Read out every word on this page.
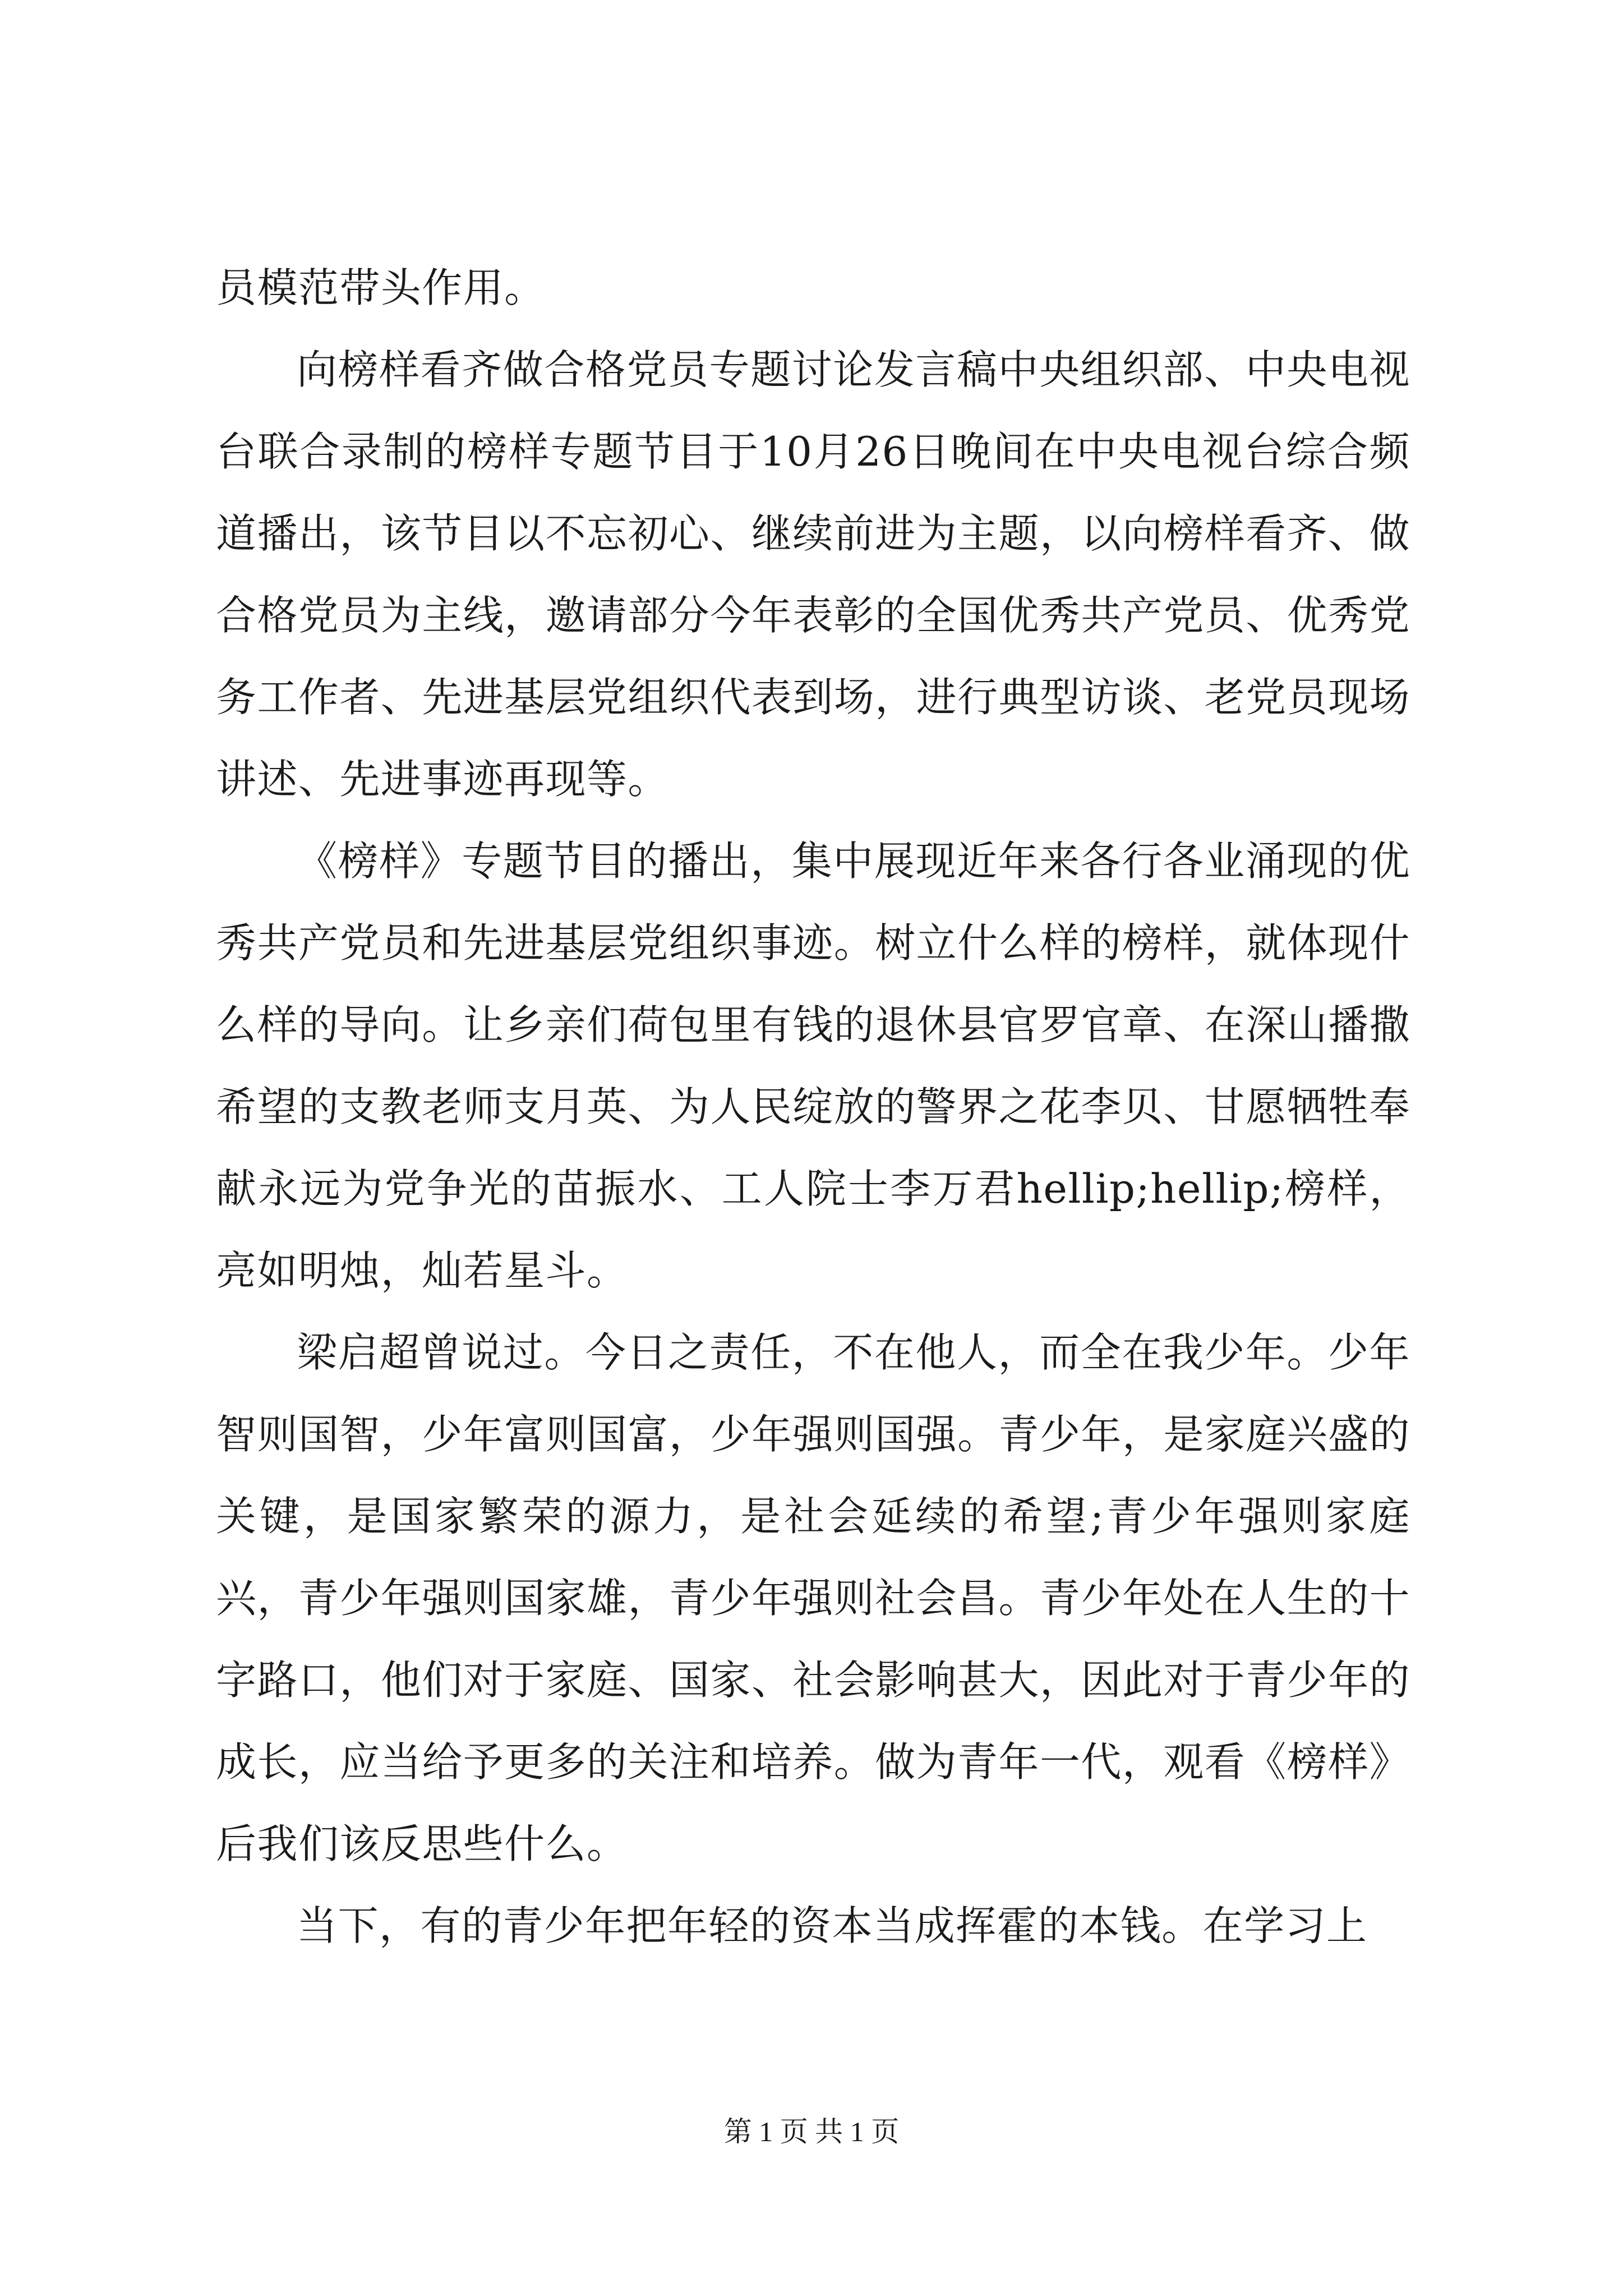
员模范带头作用。

向榜样看齐做合格党员专题讨论发言稿中央组织部、中央电视台联合录制的榜样专题节目于10月26日晚间在中央电视台综合频道播出，该节目以不忘初心、继续前进为主题，以向榜样看齐、做合格党员为主线，邀请部分今年表彰的全国优秀共产党员、优秀党务工作者、先进基层党组织代表到场，进行典型访谈、老党员现场讲述、先进事迹再现等。

《榜样》专题节目的播出，集中展现近年来各行各业涌现的优秀共产党员和先进基层党组织事迹。树立什么样的榜样，就体现什么样的导向。让乡亲们荷包里有钱的退休县官罗官章、在深山播撒希望的支教老师支月英、为人民绽放的警界之花李贝、甘愿牺牲奉献永远为党争光的苗振水、工人院士李万君hellip;hellip;榜样，亮如明烛，灿若星斗。

梁启超曾说过。今日之责任，不在他人，而全在我少年。少年智则国智，少年富则国富，少年强则国强。青少年，是家庭兴盛的关键，是国家繁荣的源力，是社会延续的希望;青少年强则家庭兴，青少年强则国家雄，青少年强则社会昌。青少年处在人生的十字路口，他们对于家庭、国家、社会影响甚大，因此对于青少年的成长，应当给予更多的关注和培养。做为青年一代，观看《榜样》后我们该反思些什么。

当下，有的青少年把年轻的资本当成挥霍的本钱。在学习上

第 1 页 共 1 页
